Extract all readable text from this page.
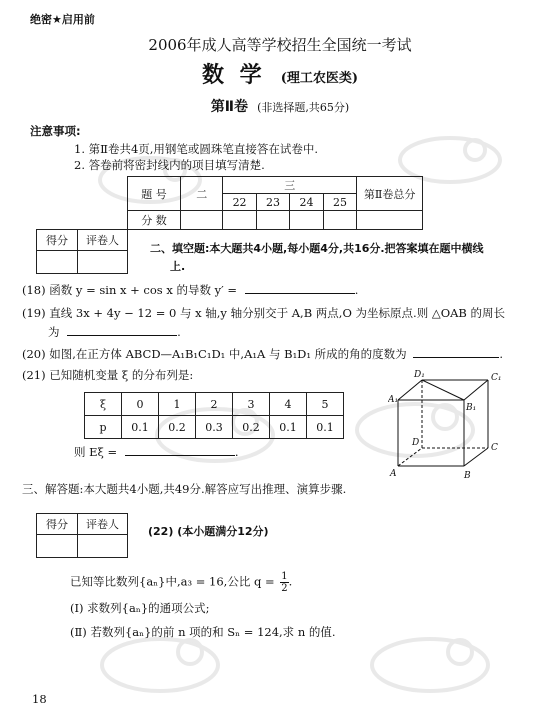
绝密★启用前
2006年成人高等学校招生全国统一考试
数 学 (理工农医类)
第Ⅱ卷 (非选择题,共65分)
注意事项:
1. 第Ⅱ卷共4页,用钢笔或圆珠笔直接答在试卷中.
2. 答卷前将密封线内的项目填写清楚.
题 号	二	三				第Ⅱ卷总分
		22	23	24	25	
分 数						
得分	评卷人

二、填空题:本大题共4小题,每小题4分,共16分.把答案填在题中横线
上.
(18) 函数 y = sin x + cos x 的导数 y′ =	.
(19) 直线 3x + 4y − 12 = 0 与 x 轴,y 轴分别交于 A,B 两点,O 为坐标原点.则 △OAB 的周长
为	.
(20) 如图,在正方体 ABCD—A₁B₁C₁D₁ 中,A₁A 与 B₁D₁ 所成的角的度数为	.
(21) 已知随机变量 ξ 的分布列是:
ξ	0	1	2	3	4	5
p	0.1	0.2	0.3	0.2	0.1	0.1
则 Eξ =	.
D₁	C₁
A₁
B₁
D	C
A	B
三、解答题:本大题共4小题,共49分.解答应写出推理、演算步骤.
得分	评卷人

(22) (本小题满分12分)
已知等比数列{aₙ}中,a₃ = 16,公比 $q = \frac{1}{2}$ .
(Ⅰ) 求数列{aₙ}的通项公式;
(Ⅱ) 若数列{aₙ}的前 n 项的和 Sₙ = 124,求 n 的值.
18
